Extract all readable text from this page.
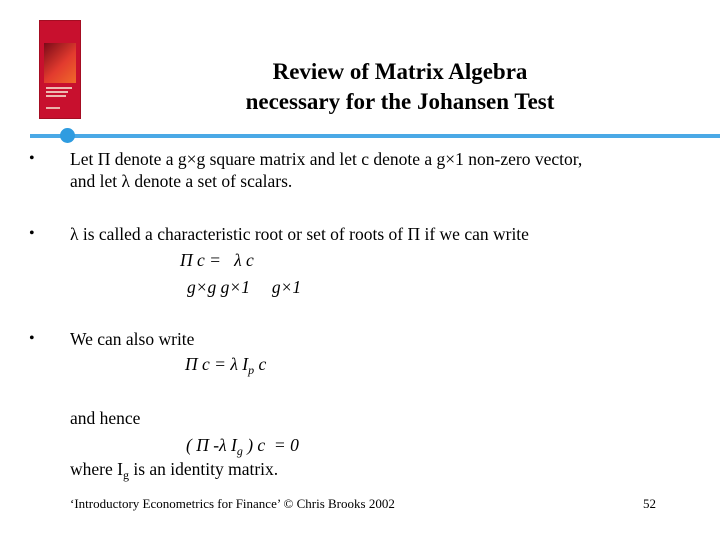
Review of Matrix Algebra
necessary for the Johansen Test
• Let Π denote a g×g square matrix and let c denote a g×1 non-zero vector,
and let λ denote a set of scalars.
• λ is called a characteristic root or set of roots of Π if we can write
Π c =   λ c
g×g g×1     g×1
• We can also write
Π c = λ $I_p$ c
and hence
( Π -λ $I_g$ ) c  = 0
where $I_g$ is an identity matrix.
‘Introductory Econometrics for Finance’ © Chris Brooks 2002	52
